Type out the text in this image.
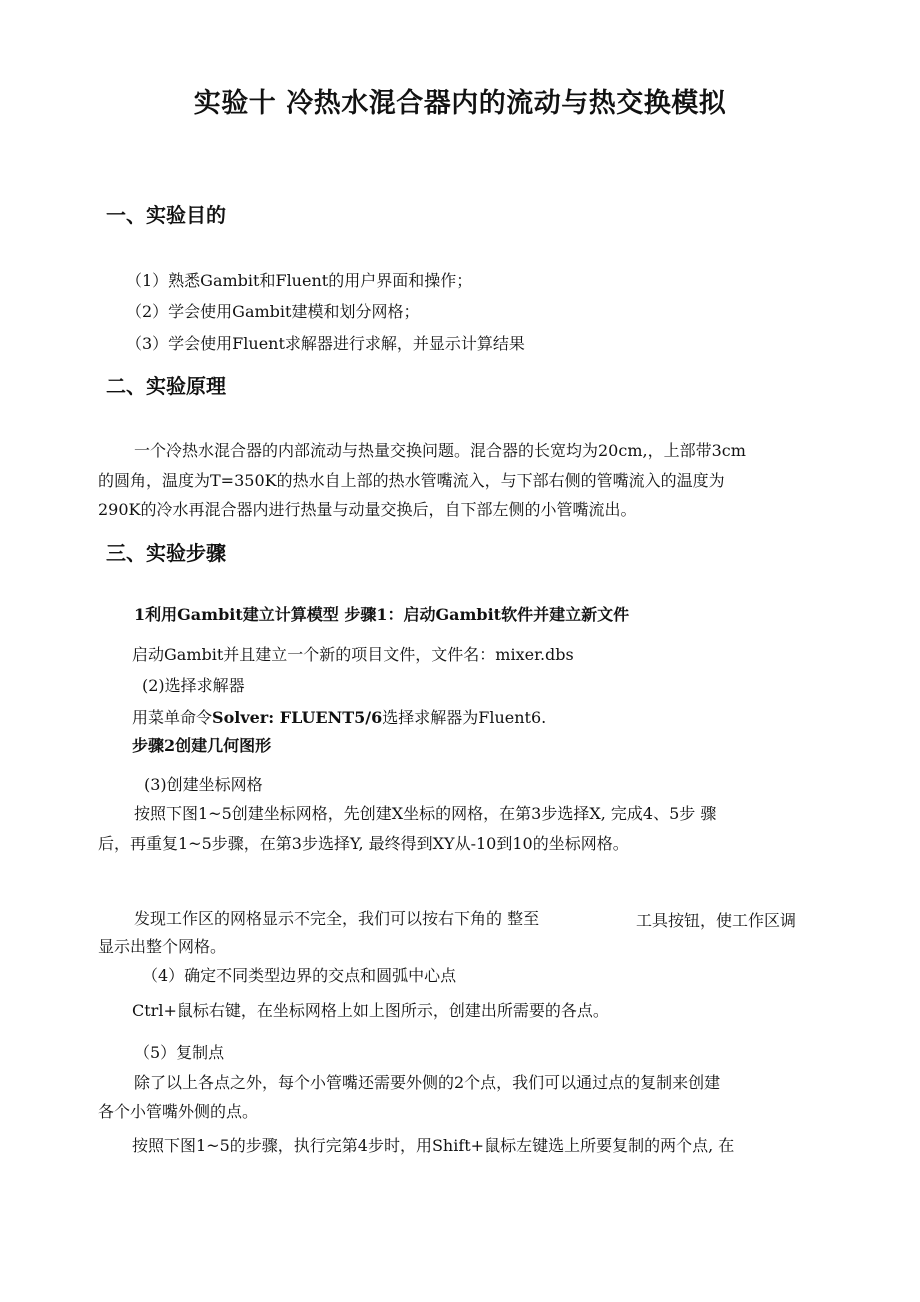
实验十 冷热水混合器内的流动与热交换模拟
一、实验目的
（1）熟悉Gambit和Fluent的用户界面和操作；
（2）学会使用Gambit建模和划分网格；
（3）学会使用Fluent求解器进行求解，并显示计算结果
二、实验原理
一个冷热水混合器的内部流动与热量交换问题。混合器的长宽均为20cm,，上部带3cm
的圆角，温度为T=350K的热水自上部的热水管嘴流入，与下部右侧的管嘴流入的温度为
290K的冷水再混合器内进行热量与动量交换后，自下部左侧的小管嘴流出。
三、实验步骤
1利用Gambit建立计算模型 步骤1：启动Gambit软件并建立新文件
启动Gambit并且建立一个新的项目文件，文件名：mixer.dbs
(2)选择求解器
用菜单命令Solver: FLUENT5/6选择求解器为Fluent6.
步骤2创建几何图形
(3)创建坐标网格
按照下图1~5创建坐标网格，先创建X坐标的网格，在第3步选择X, 完成4、5步 骤
后，再重复1~5步骤，在第3步选择Y, 最终得到XY从-10到10的坐标网格。
发现工作区的网格显示不完全，我们可以按右下角的 整至	工具按钮，使工作区调
显示出整个网格。
（4）确定不同类型边界的交点和圆弧中心点
Ctrl+鼠标右键，在坐标网格上如上图所示，创建出所需要的各点。
（5）复制点
除了以上各点之外，每个小管嘴还需要外侧的2个点，我们可以通过点的复制来创建
各个小管嘴外侧的点。
按照下图1~5的步骤，执行完第4步时，用Shift+鼠标左键选上所要复制的两个点, 在
